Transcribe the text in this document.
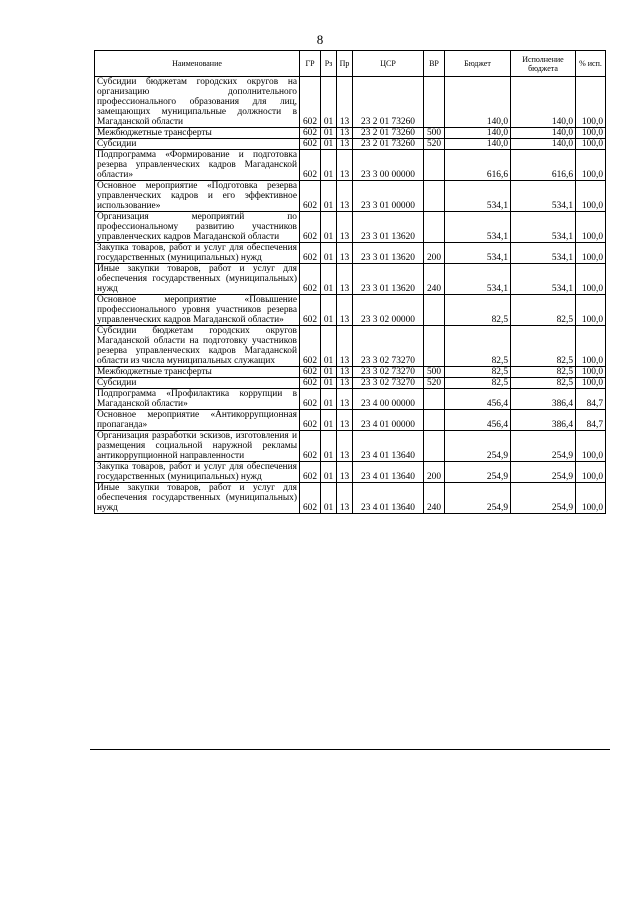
8
Наименование	ГР	Рз	Пр	ЦСР	ВР	Бюджет	Исполнение бюджета	% исп.
Субсидии бюджетам городских округов на организацию дополнительного профессионального образования для лиц, замещающих муниципальные должности в Магаданской области	602	01	13	23 2 01 73260		140,0	140,0	100,0
Межбюджетные трансферты	602	01	13	23 2 01 73260	500	140,0	140,0	100,0
Субсидии	602	01	13	23 2 01 73260	520	140,0	140,0	100,0
Подпрограмма «Формирование и подготовка резерва управленческих кадров Магаданской области»	602	01	13	23 3 00 00000		616,6	616,6	100,0
Основное мероприятие «Подготовка резерва управленческих кадров и его эффективное использование»	602	01	13	23 3 01 00000		534,1	534,1	100,0
Организация мероприятий по профессиональному развитию участников управленческих кадров Магаданской области	602	01	13	23 3 01 13620		534,1	534,1	100,0
Закупка товаров, работ и услуг для обеспечения государственных (муниципальных) нужд	602	01	13	23 3 01 13620	200	534,1	534,1	100,0
Иные закупки товаров, работ и услуг для обеспечения государственных (муниципальных) нужд	602	01	13	23 3 01 13620	240	534,1	534,1	100,0
Основное мероприятие «Повышение профессионального уровня участников резерва управленческих кадров Магаданской области»	602	01	13	23 3 02 00000		82,5	82,5	100,0
Субсидии бюджетам городских округов Магаданской области на подготовку участников резерва управленческих кадров Магаданской области из числа муниципальных служащих	602	01	13	23 3 02 73270		82,5	82,5	100,0
Межбюджетные трансферты	602	01	13	23 3 02 73270	500	82,5	82,5	100,0
Субсидии	602	01	13	23 3 02 73270	520	82,5	82,5	100,0
Подпрограмма «Профилактика коррупции в Магаданской области»	602	01	13	23 4 00 00000		456,4	386,4	84,7
Основное мероприятие «Антикоррупционная пропаганда»	602	01	13	23 4 01 00000		456,4	386,4	84,7
Организация разработки эскизов, изготовления и размещения социальной наружной рекламы антикоррупционной направленности	602	01	13	23 4 01 13640		254,9	254,9	100,0
Закупка товаров, работ и услуг для обеспечения государственных (муниципальных) нужд	602	01	13	23 4 01 13640	200	254,9	254,9	100,0
Иные закупки товаров, работ и услуг для обеспечения государственных (муниципальных) нужд	602	01	13	23 4 01 13640	240	254,9	254,9	100,0
